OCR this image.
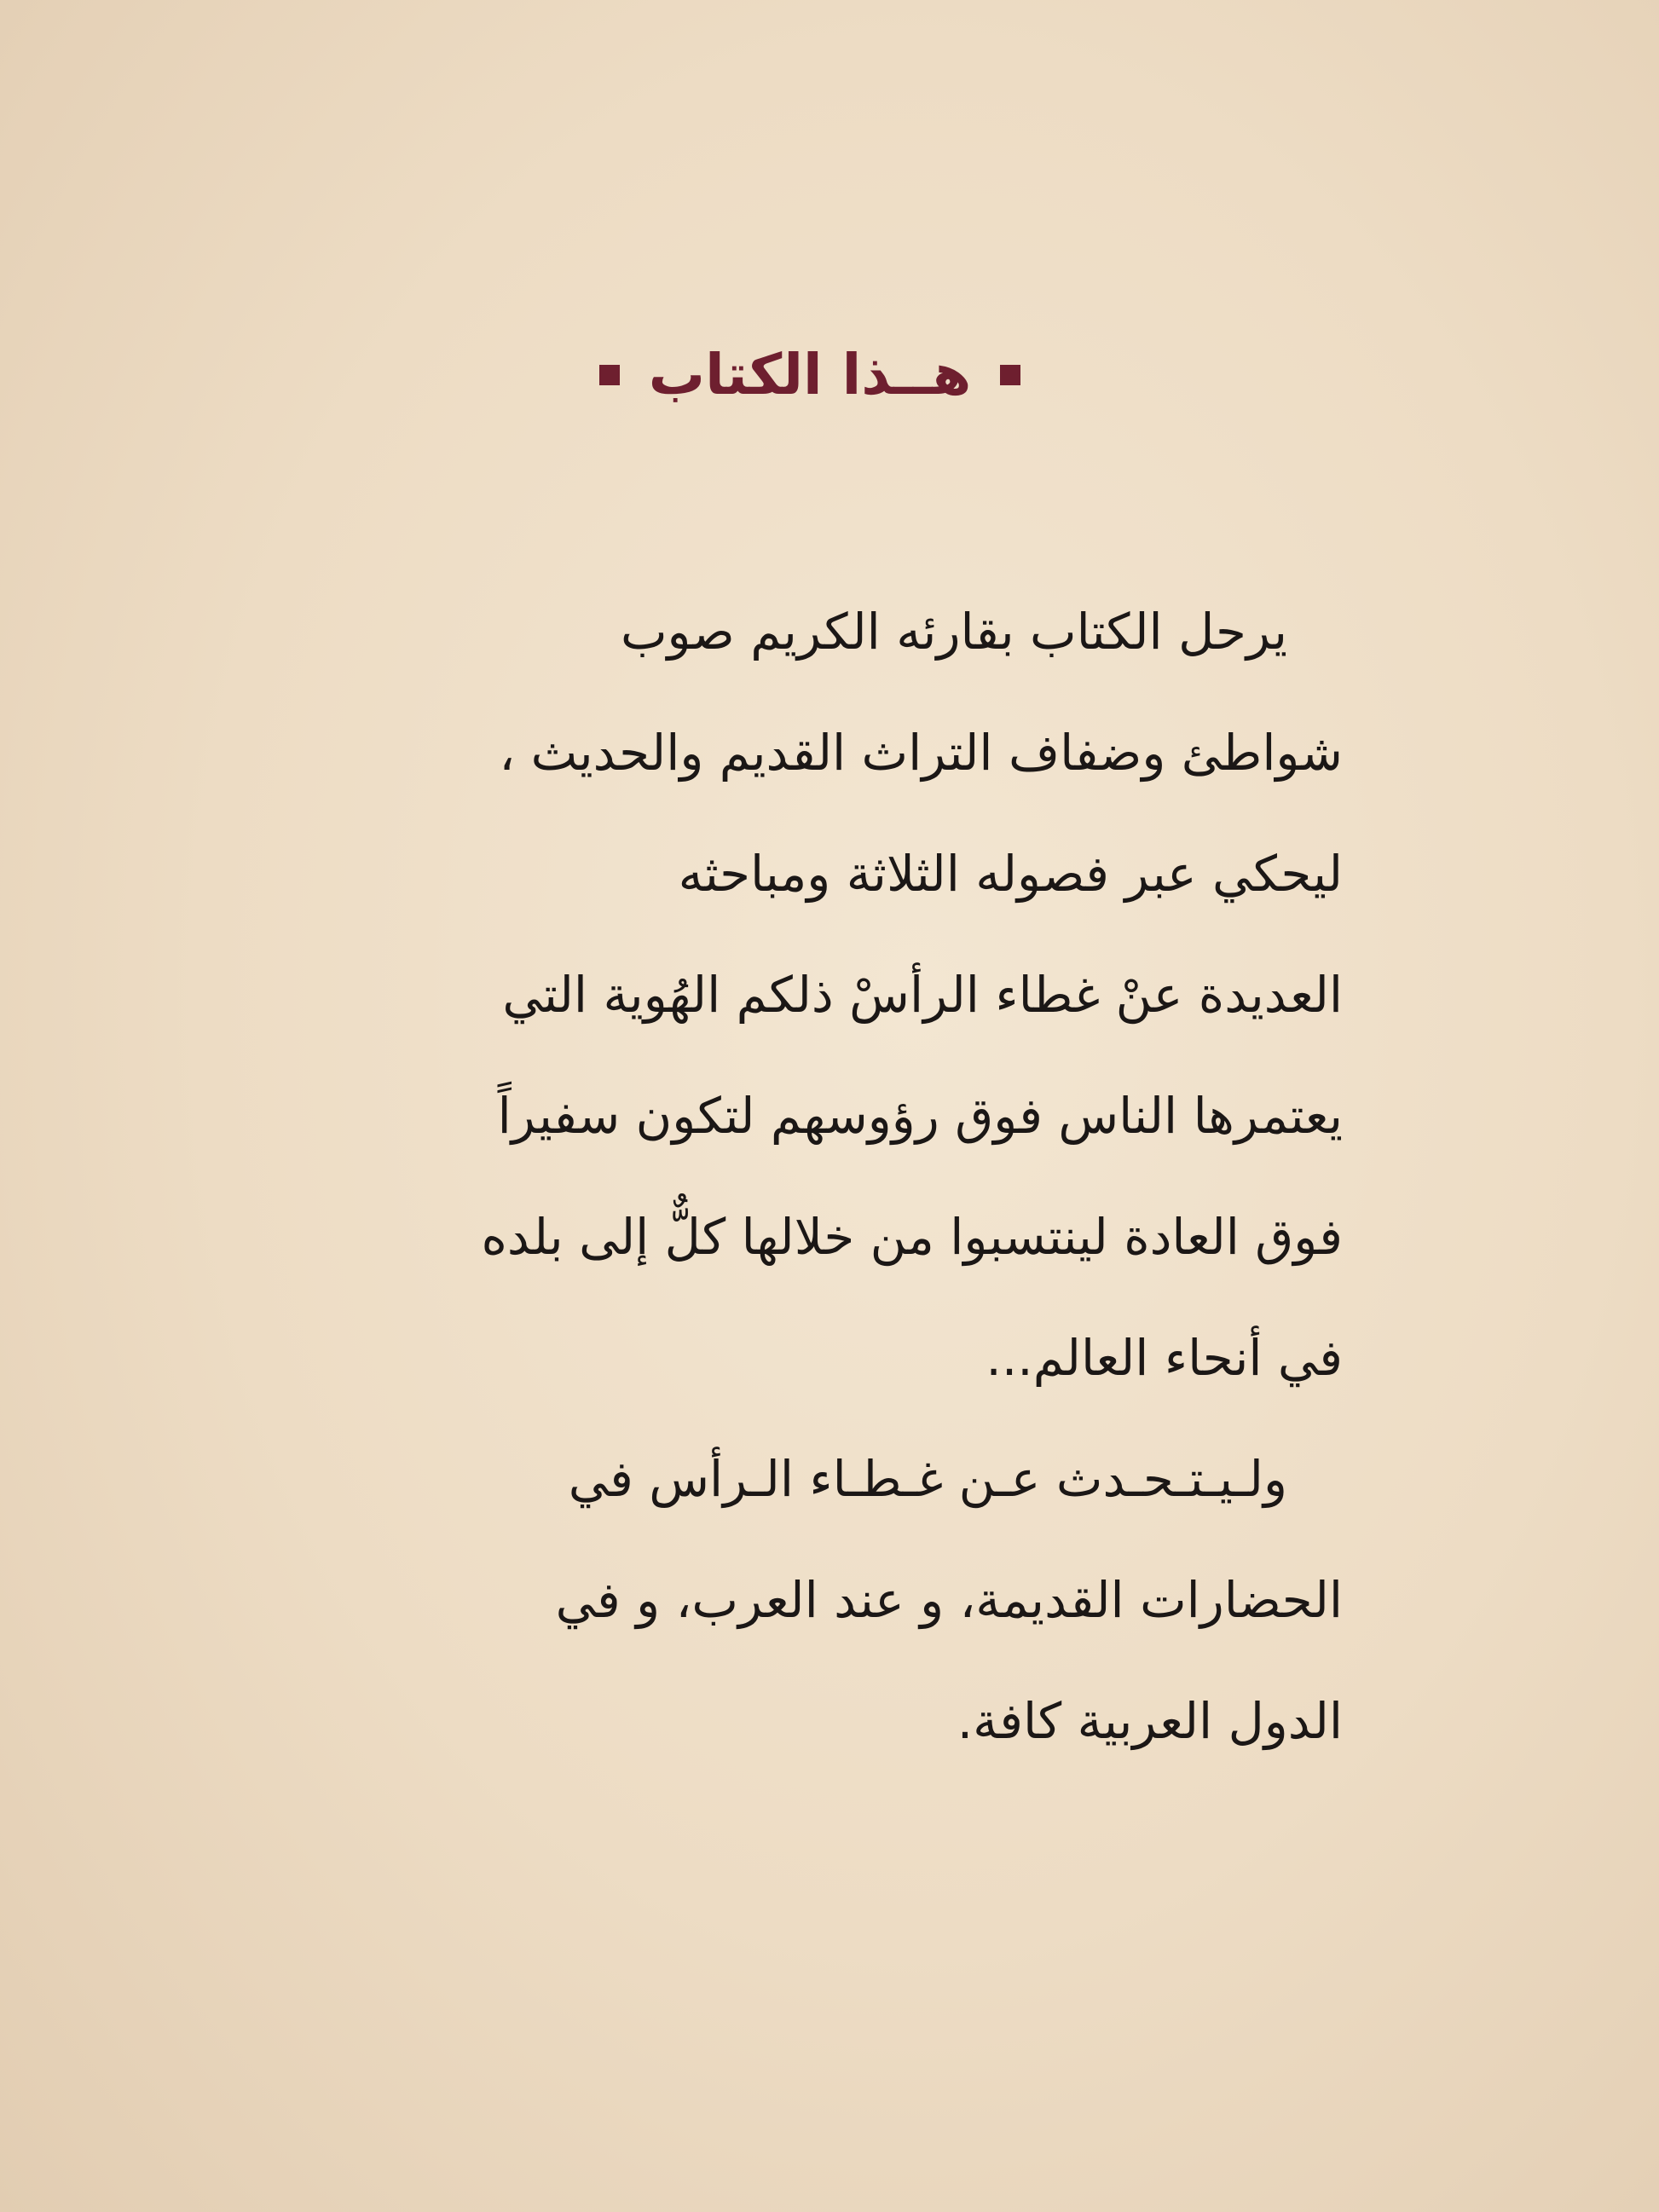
هــذا الكتاب
يرحل الكتاب بقارئه الكريم صوب
شواطئ وضفاف التراث القديم والحديث ،
ليحكي عبر فصوله الثلاثة ومباحثه
العديدة عنْ غطاء الرأسْ ذلكم الهُوية التي
يعتمرها الناس فوق رؤوسهم لتكون سفيراً
فوق العادة لينتسبوا من خلالها كلٌّ إلى بلده
في أنحاء العالم...
ولـيـتـحـدث عـن غـطـاء الـرأس في
الحضارات القديمة، و عند العرب، و في
الدول العربية كافة.
